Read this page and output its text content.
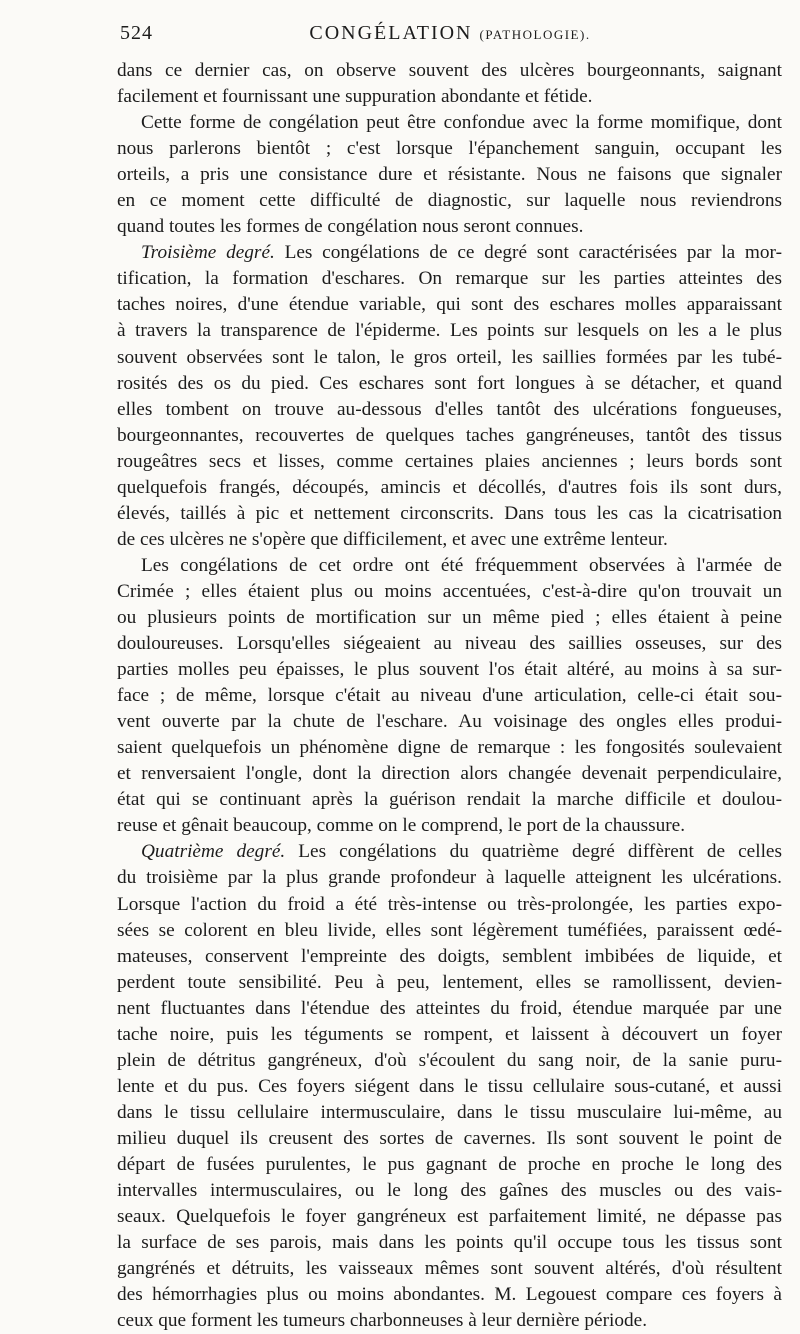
524	CONGÉLATION (PATHOLOGIE).
dans ce dernier cas, on observe souvent des ulcères bourgeonnants, saignant
facilement et fournissant une suppuration abondante et fétide.
Cette forme de congélation peut être confondue avec la forme momifique, dont
nous parlerons bientôt ; c'est lorsque l'épanchement sanguin, occupant les
orteils, a pris une consistance dure et résistante. Nous ne faisons que signaler
en ce moment cette difficulté de diagnostic, sur laquelle nous reviendrons
quand toutes les formes de congélation nous seront connues.
Troisième degré. Les congélations de ce degré sont caractérisées par la mor-
tification, la formation d'eschares. On remarque sur les parties atteintes des
taches noires, d'une étendue variable, qui sont des eschares molles apparaissant
à travers la transparence de l'épiderme. Les points sur lesquels on les a le plus
souvent observées sont le talon, le gros orteil, les saillies formées par les tubé-
rosités des os du pied. Ces eschares sont fort longues à se détacher, et quand
elles tombent on trouve au-dessous d'elles tantôt des ulcérations fongueuses,
bourgeonnantes, recouvertes de quelques taches gangréneuses, tantôt des tissus
rougeâtres secs et lisses, comme certaines plaies anciennes ; leurs bords sont
quelquefois frangés, découpés, amincis et décollés, d'autres fois ils sont durs,
élevés, taillés à pic et nettement circonscrits. Dans tous les cas la cicatrisation
de ces ulcères ne s'opère que difficilement, et avec une extrême lenteur.
Les congélations de cet ordre ont été fréquemment observées à l'armée de
Crimée ; elles étaient plus ou moins accentuées, c'est-à-dire qu'on trouvait un
ou plusieurs points de mortification sur un même pied ; elles étaient à peine
douloureuses. Lorsqu'elles siégeaient au niveau des saillies osseuses, sur des
parties molles peu épaisses, le plus souvent l'os était altéré, au moins à sa sur-
face ; de même, lorsque c'était au niveau d'une articulation, celle-ci était sou-
vent ouverte par la chute de l'eschare. Au voisinage des ongles elles produi-
saient quelquefois un phénomène digne de remarque : les fongosités soulevaient
et renversaient l'ongle, dont la direction alors changée devenait perpendiculaire,
état qui se continuant après la guérison rendait la marche difficile et doulou-
reuse et gênait beaucoup, comme on le comprend, le port de la chaussure.
Quatrième degré. Les congélations du quatrième degré diffèrent de celles
du troisième par la plus grande profondeur à laquelle atteignent les ulcérations.
Lorsque l'action du froid a été très-intense ou très-prolongée, les parties expo-
sées se colorent en bleu livide, elles sont légèrement tuméfiées, paraissent œdé-
mateuses, conservent l'empreinte des doigts, semblent imbibées de liquide, et
perdent toute sensibilité. Peu à peu, lentement, elles se ramollissent, devien-
nent fluctuantes dans l'étendue des atteintes du froid, étendue marquée par une
tache noire, puis les téguments se rompent, et laissent à découvert un foyer
plein de détritus gangréneux, d'où s'écoulent du sang noir, de la sanie puru-
lente et du pus. Ces foyers siégent dans le tissu cellulaire sous-cutané, et aussi
dans le tissu cellulaire intermusculaire, dans le tissu musculaire lui-même, au
milieu duquel ils creusent des sortes de cavernes. Ils sont souvent le point de
départ de fusées purulentes, le pus gagnant de proche en proche le long des
intervalles intermusculaires, ou le long des gaînes des muscles ou des vais-
seaux. Quelquefois le foyer gangréneux est parfaitement limité, ne dépasse pas
la surface de ses parois, mais dans les points qu'il occupe tous les tissus sont
gangrénés et détruits, les vaisseaux mêmes sont souvent altérés, d'où résultent
des hémorrhagies plus ou moins abondantes. M. Legouest compare ces foyers à
ceux que forment les tumeurs charbonneuses à leur dernière période.
